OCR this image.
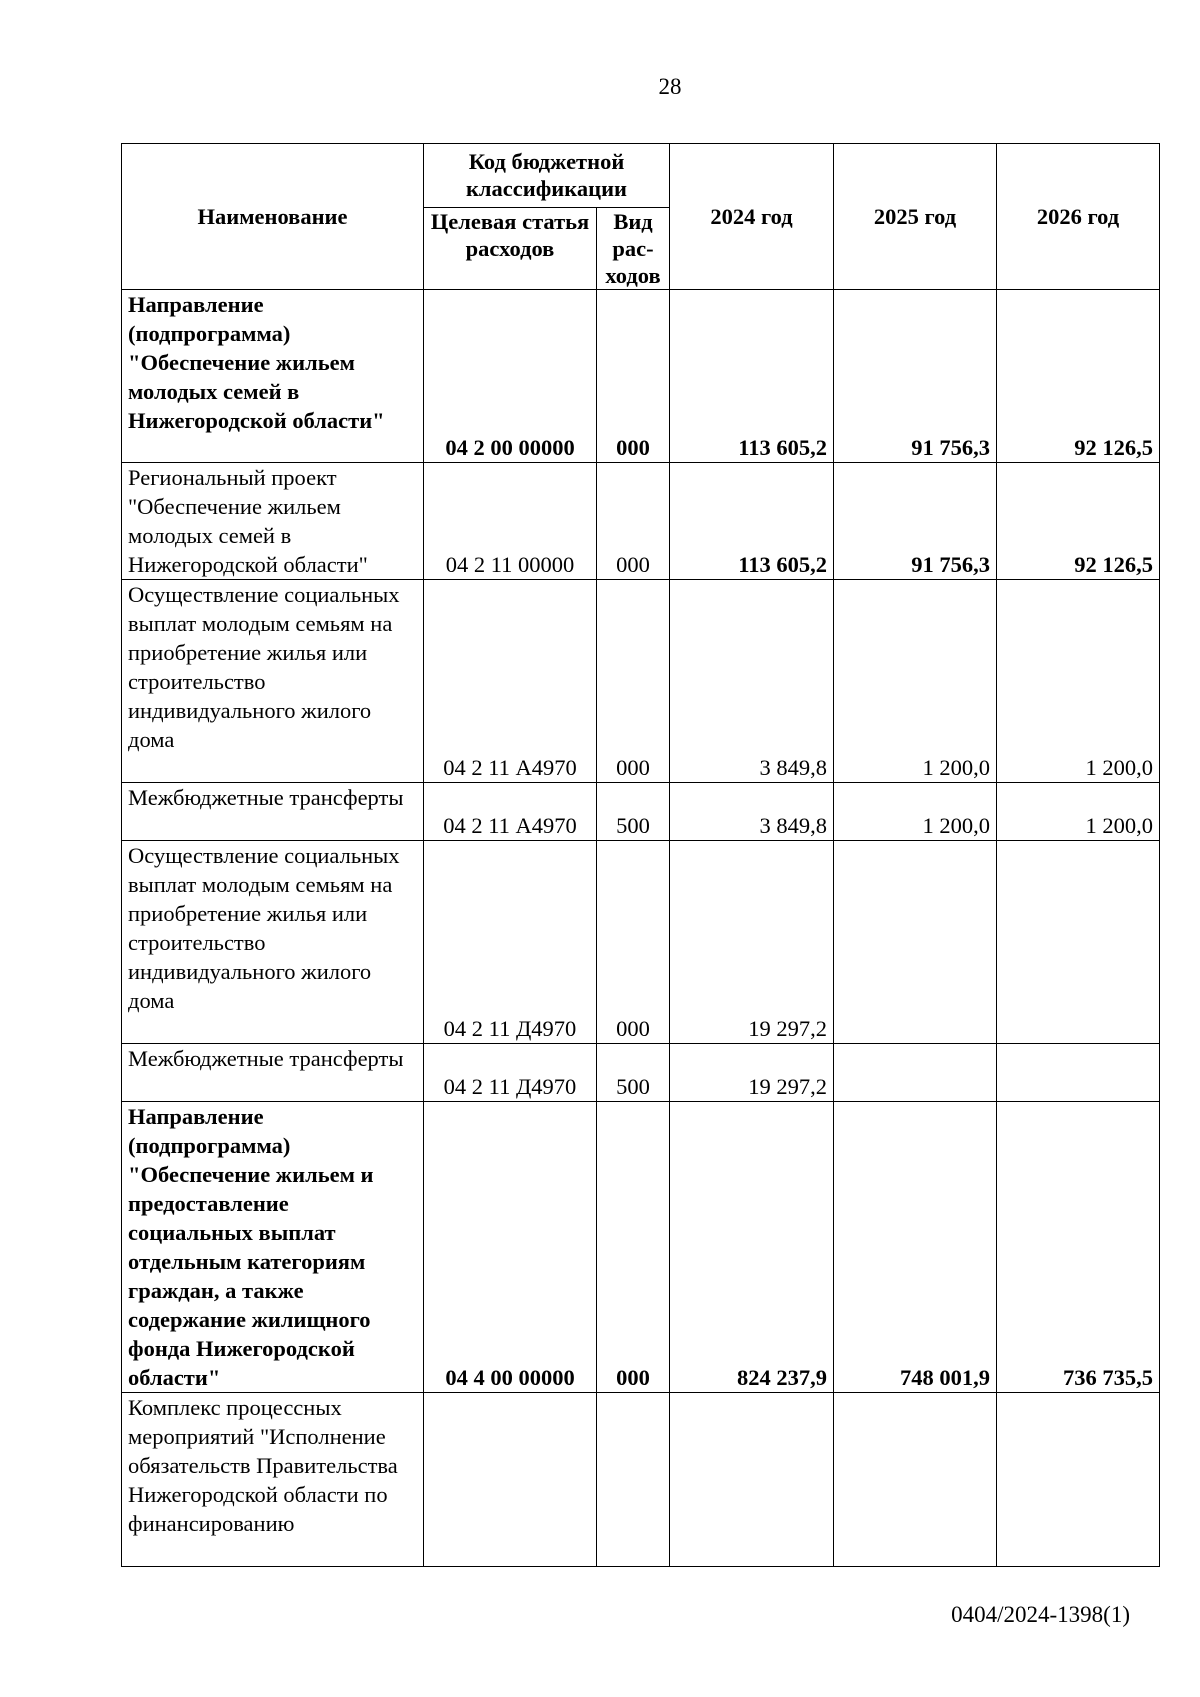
28
Наименование	Код бюджетной классификации		2024 год	2025 год	2026 год
	Целевая статья расходов	Вид рас-ходов			
Направление (подпрограмма) "Обеспечение жильем молодых семей в Нижегородской области"	04 2 00 00000	000	113 605,2	91 756,3	92 126,5
Региональный проект "Обеспечение жильем молодых семей в Нижегородской области"	04 2 11 00000	000	113 605,2	91 756,3	92 126,5
Осуществление социальных выплат молодым семьям на приобретение жилья или строительство индивидуального жилого дома	04 2 11 А4970	000	3 849,8	1 200,0	1 200,0
Межбюджетные трансферты	04 2 11 А4970	500	3 849,8	1 200,0	1 200,0
Осуществление социальных выплат молодым семьям на приобретение жилья или строительство индивидуального жилого дома	04 2 11 Д4970	000	19 297,2		
Межбюджетные трансферты	04 2 11 Д4970	500	19 297,2		
Направление (подпрограмма) "Обеспечение жильем и предоставление социальных выплат отдельным категориям граждан, а также содержание жилищного фонда Нижегородской области"	04 4 00 00000	000	824 237,9	748 001,9	736 735,5
Комплекс процессных мероприятий "Исполнение обязательств Правительства Нижегородской области по финансированию					
0404/2024-1398(1)
